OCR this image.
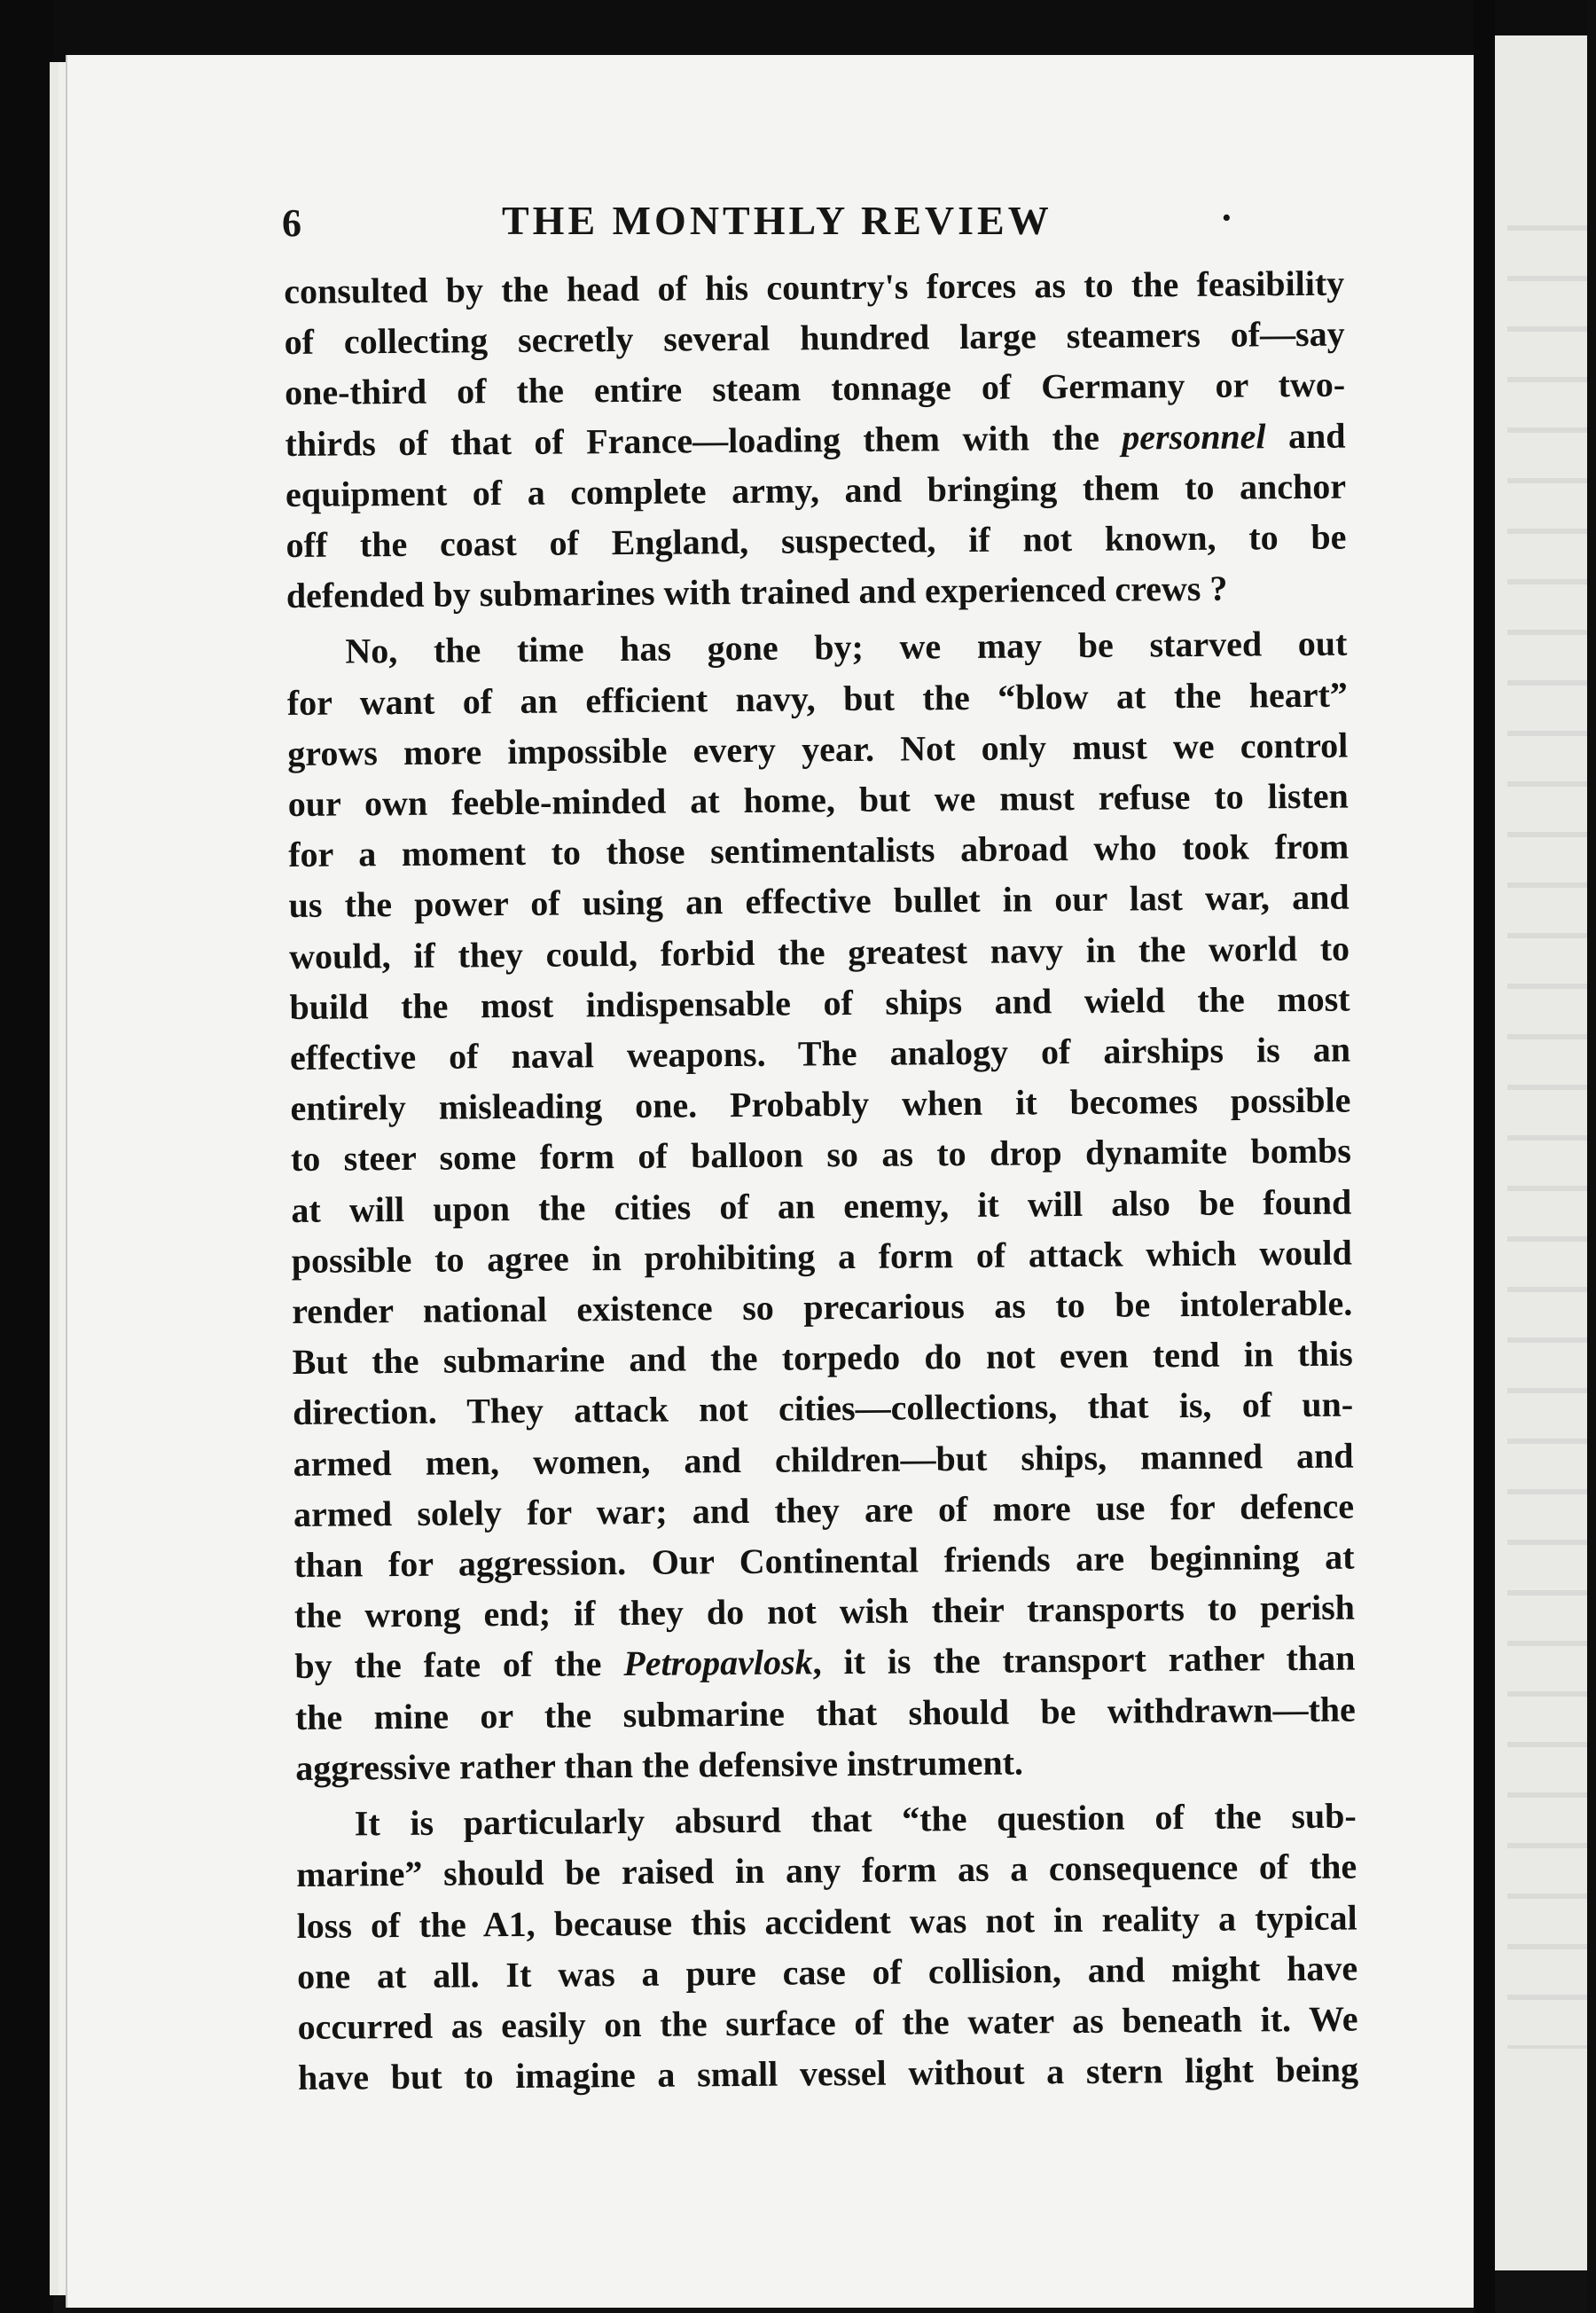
6	THE MONTHLY REVIEW	·
consulted by the head of his country's forces as to the feasibility
of collecting secretly several hundred large steamers of—say
one-third of the entire steam tonnage of Germany or two-
thirds of that of France—loading them with the personnel and
equipment of a complete army, and bringing them to anchor
off the coast of England, suspected, if not known, to be
defended by submarines with trained and experienced crews ?
No, the time has gone by; we may be starved out
for want of an efficient navy, but the “blow at the heart”
grows more impossible every year. Not only must we control
our own feeble-minded at home, but we must refuse to listen
for a moment to those sentimentalists abroad who took from
us the power of using an effective bullet in our last war, and
would, if they could, forbid the greatest navy in the world to
build the most indispensable of ships and wield the most
effective of naval weapons. The analogy of airships is an
entirely misleading one. Probably when it becomes possible
to steer some form of balloon so as to drop dynamite bombs
at will upon the cities of an enemy, it will also be found
possible to agree in prohibiting a form of attack which would
render national existence so precarious as to be intolerable.
But the submarine and the torpedo do not even tend in this
direction. They attack not cities—collections, that is, of un-
armed men, women, and children—but ships, manned and
armed solely for war; and they are of more use for defence
than for aggression. Our Continental friends are beginning at
the wrong end; if they do not wish their transports to perish
by the fate of the Petropavlosk, it is the transport rather than
the mine or the submarine that should be withdrawn—the
aggressive rather than the defensive instrument.
It is particularly absurd that “the question of the sub-
marine” should be raised in any form as a consequence of the
loss of the A1, because this accident was not in reality a typical
one at all. It was a pure case of collision, and might have
occurred as easily on the surface of the water as beneath it. We
have but to imagine a small vessel without a stern light being
